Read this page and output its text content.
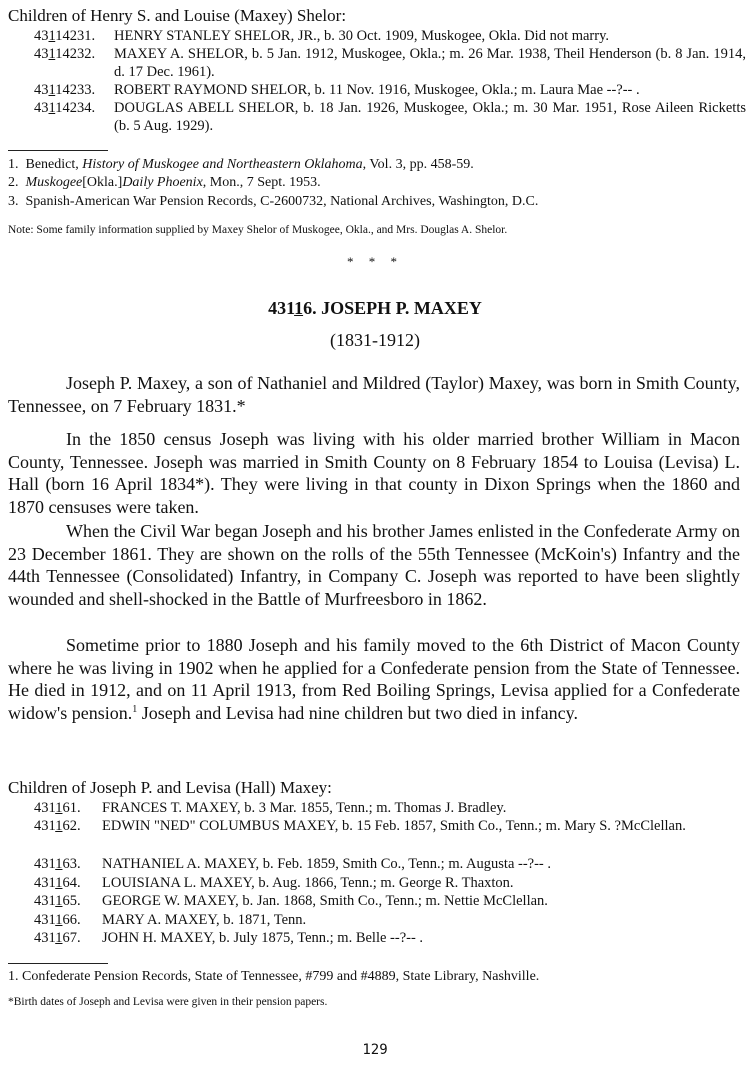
Children of Henry S. and Louise (Maxey) Shelor:
43114231. HENRY STANLEY SHELOR, JR., b. 30 Oct. 1909, Muskogee, Okla. Did not marry.
43114232. MAXEY A. SHELOR, b. 5 Jan. 1912, Muskogee, Okla.; m. 26 Mar. 1938, Theil Henderson (b. 8 Jan. 1914, d. 17 Dec. 1961).
43114233. ROBERT RAYMOND SHELOR, b. 11 Nov. 1916, Muskogee, Okla.; m. Laura Mae --?-- .
43114234. DOUGLAS ABELL SHELOR, b. 18 Jan. 1926, Muskogee, Okla.; m. 30 Mar. 1951, Rose Aileen Ricketts (b. 5 Aug. 1929).
1. Benedict, History of Muskogee and Northeastern Oklahoma, Vol. 3, pp. 458-59.
2. Muskogee[Okla.]Daily Phoenix, Mon., 7 Sept. 1953.
3. Spanish-American War Pension Records, C-2600732, National Archives, Washington, D.C.
Note: Some family information supplied by Maxey Shelor of Muskogee, Okla., and Mrs. Douglas A. Shelor.
* * *
43116. JOSEPH P. MAXEY
(1831-1912)

Joseph P. Maxey, a son of Nathaniel and Mildred (Taylor) Maxey, was born in Smith County, Tennessee, on 7 February 1831.*

In the 1850 census Joseph was living with his older married brother William in Macon County, Tennessee. Joseph was married in Smith County on 8 February 1854 to Louisa (Levisa) L. Hall (born 16 April 1834*). They were living in that county in Dixon Springs when the 1860 and 1870 censuses were taken.

When the Civil War began Joseph and his brother James enlisted in the Confederate Army on 23 December 1861. They are shown on the rolls of the 55th Tennessee (McKoin's) Infantry and the 44th Tennessee (Consolidated) Infantry, in Company C. Joseph was reported to have been slightly wounded and shell-shocked in the Battle of Murfreesboro in 1862.

Sometime prior to 1880 Joseph and his family moved to the 6th District of Macon County where he was living in 1902 when he applied for a Confederate pension from the State of Tennessee. He died in 1912, and on 11 April 1913, from Red Boiling Springs, Levisa applied for a Confederate widow's pension.$^1$ Joseph and Levisa had nine children but two died in infancy.

Children of Joseph P. and Levisa (Hall) Maxey:
431161. FRANCES T. MAXEY, b. 3 Mar. 1855, Tenn.; m. Thomas J. Bradley.
431162. EDWIN "NED" COLUMBUS MAXEY, b. 15 Feb. 1857, Smith Co., Tenn.; m. Mary S. ?McClellan.
431163. NATHANIEL A. MAXEY, b. Feb. 1859, Smith Co., Tenn.; m. Augusta --?-- .
431164. LOUISIANA L. MAXEY, b. Aug. 1866, Tenn.; m. George R. Thaxton.
431165. GEORGE W. MAXEY, b. Jan. 1868, Smith Co., Tenn.; m. Nettie McClellan.
431166. MARY A. MAXEY, b. 1871, Tenn.
431167. JOHN H. MAXEY, b. July 1875, Tenn.; m. Belle --?-- .
1. Confederate Pension Records, State of Tennessee, #799 and #4889, State Library, Nashville.
*Birth dates of Joseph and Levisa were given in their pension papers.
129
